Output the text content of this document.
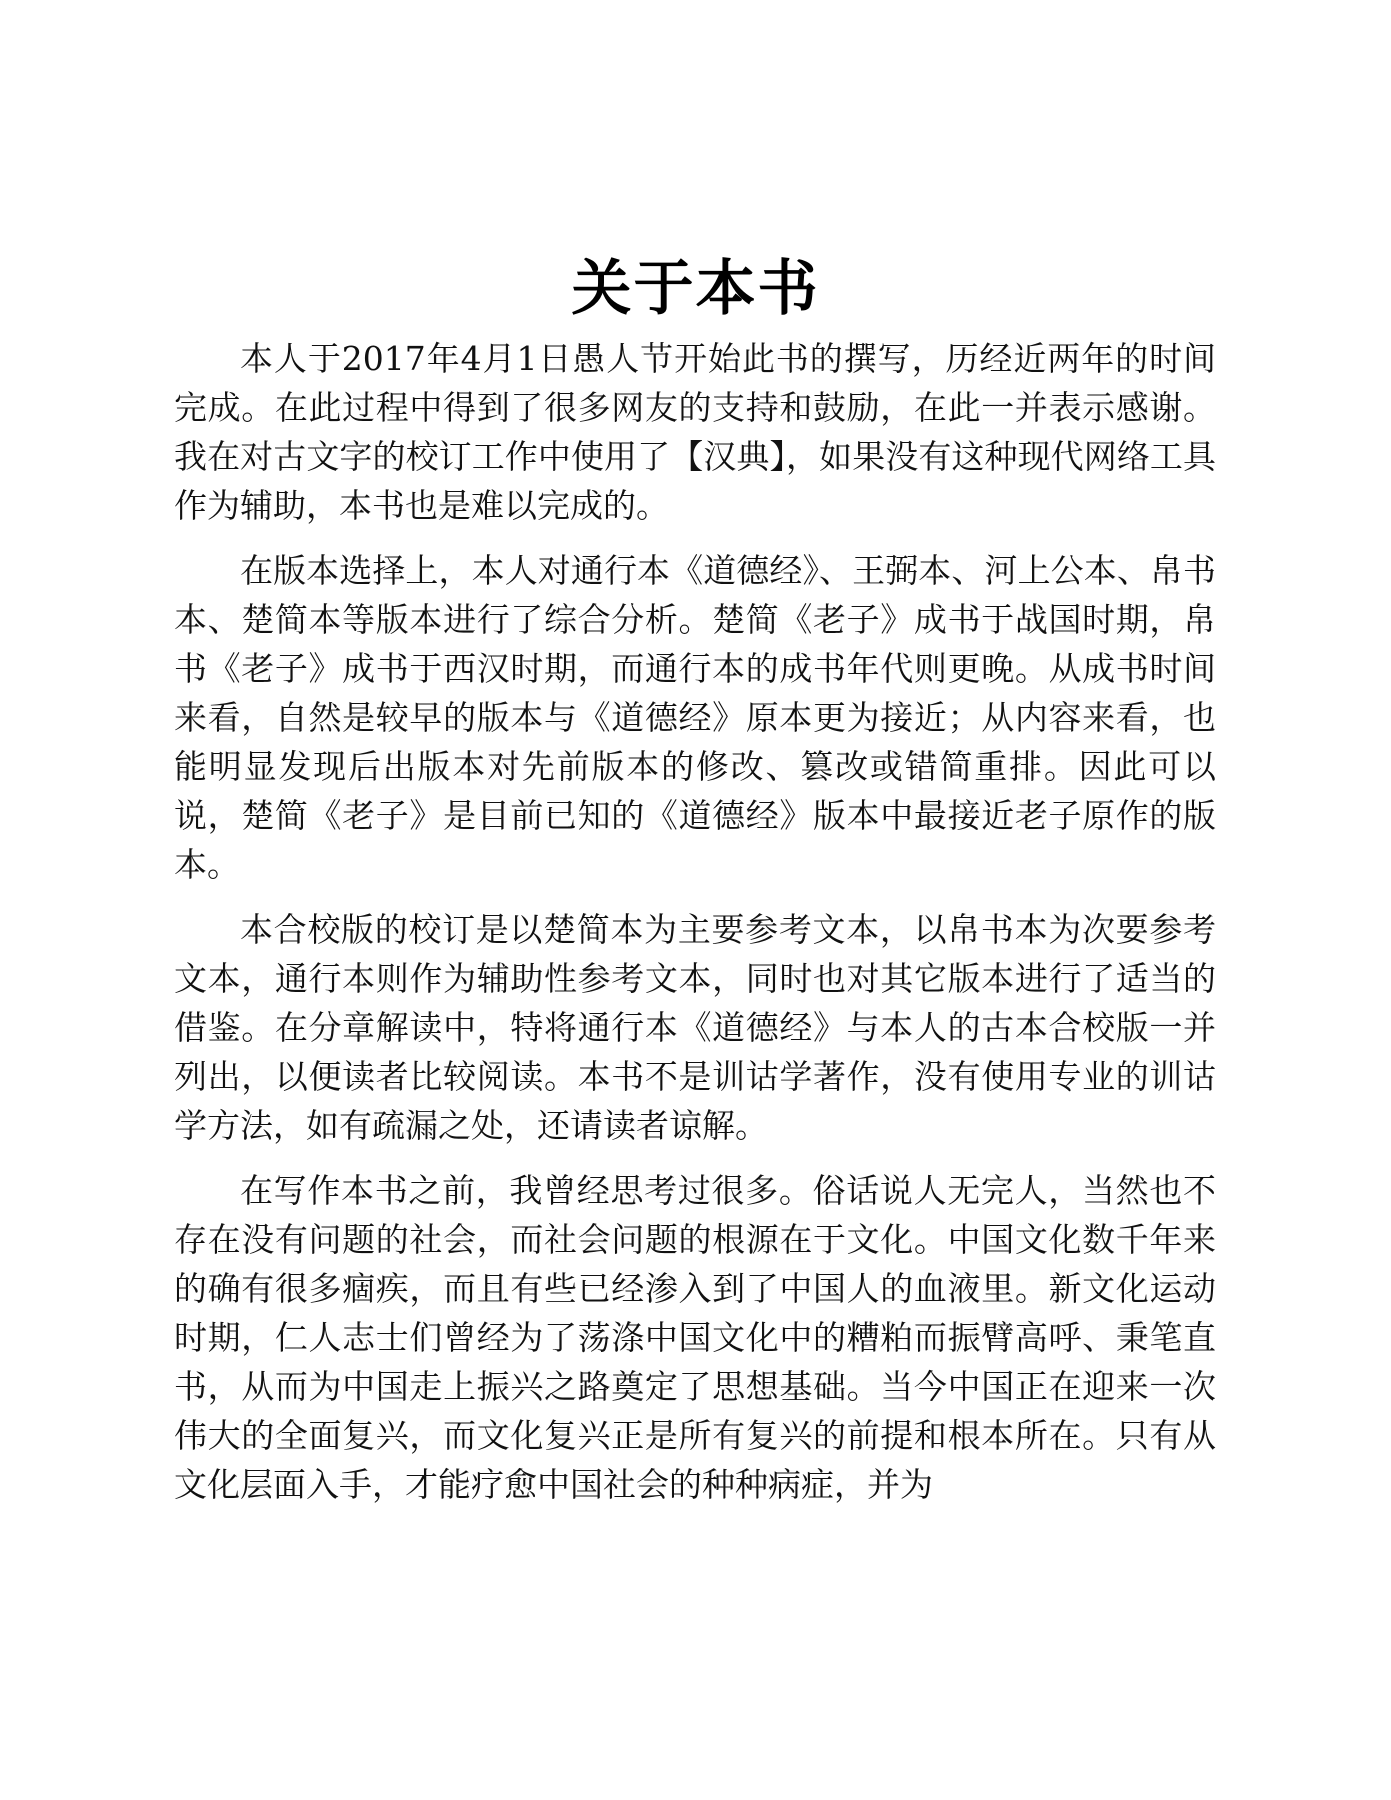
关于本书

本人于2017年4月1日愚人节开始此书的撰写，历经近两年的时间完成。在此过程中得到了很多网友的支持和鼓励，在此一并表示感谢。我在对古文字的校订工作中使用了【汉典】，如果没有这种现代网络工具作为辅助，本书也是难以完成的。

在版本选择上，本人对通行本《道德经》、王弼本、河上公本、帛书本、楚简本等版本进行了综合分析。楚简《老子》成书于战国时期，帛书《老子》成书于西汉时期，而通行本的成书年代则更晚。从成书时间来看，自然是较早的版本与《道德经》原本更为接近；从内容来看，也能明显发现后出版本对先前版本的修改、篡改或错简重排。因此可以说，楚简《老子》是目前已知的《道德经》版本中最接近老子原作的版本。

本合校版的校订是以楚简本为主要参考文本，以帛书本为次要参考文本，通行本则作为辅助性参考文本，同时也对其它版本进行了适当的借鉴。在分章解读中，特将通行本《道德经》与本人的古本合校版一并列出，以便读者比较阅读。本书不是训诂学著作，没有使用专业的训诂学方法，如有疏漏之处，还请读者谅解。

在写作本书之前，我曾经思考过很多。俗话说人无完人，当然也不存在没有问题的社会，而社会问题的根源在于文化。中国文化数千年来的确有很多痼疾，而且有些已经渗入到了中国人的血液里。新文化运动时期，仁人志士们曾经为了荡涤中国文化中的糟粕而振臂高呼、秉笔直书，从而为中国走上振兴之路奠定了思想基础。当今中国正在迎来一次伟大的全面复兴，而文化复兴正是所有复兴的前提和根本所在。只有从文化层面入手，才能疗愈中国社会的种种病症，并为
